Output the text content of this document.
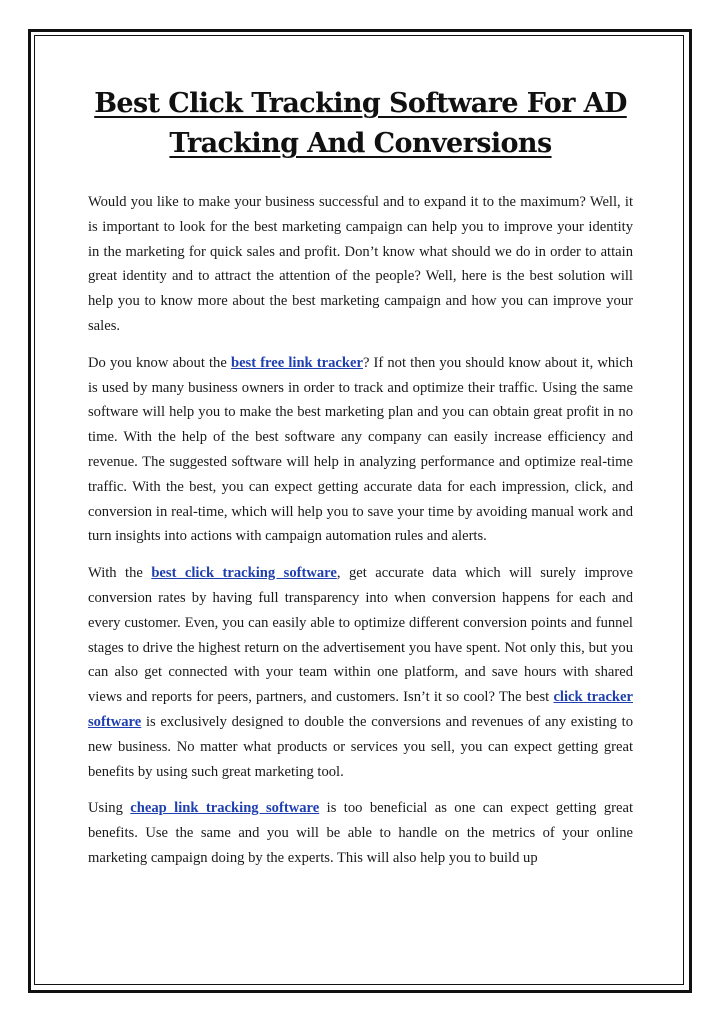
Best Click Tracking Software For AD Tracking And Conversions

Would you like to make your business successful and to expand it to the maximum? Well, it is important to look for the best marketing campaign can help you to improve your identity in the marketing for quick sales and profit. Don’t know what should we do in order to attain great identity and to attract the attention of the people? Well, here is the best solution will help you to know more about the best marketing campaign and how you can improve your sales.

Do you know about the best free link tracker? If not then you should know about it, which is used by many business owners in order to track and optimize their traffic. Using the same software will help you to make the best marketing plan and you can obtain great profit in no time. With the help of the best software any company can easily increase efficiency and revenue. The suggested software will help in analyzing performance and optimize real-time traffic. With the best, you can expect getting accurate data for each impression, click, and conversion in real-time, which will help you to save your time by avoiding manual work and turn insights into actions with campaign automation rules and alerts.

With the best click tracking software, get accurate data which will surely improve conversion rates by having full transparency into when conversion happens for each and every customer. Even, you can easily able to optimize different conversion points and funnel stages to drive the highest return on the advertisement you have spent. Not only this, but you can also get connected with your team within one platform, and save hours with shared views and reports for peers, partners, and customers. Isn’t it so cool? The best click tracker software is exclusively designed to double the conversions and revenues of any existing to new business. No matter what products or services you sell, you can expect getting great benefits by using such great marketing tool.

Using cheap link tracking software is too beneficial as one can expect getting great benefits. Use the same and you will be able to handle on the metrics of your online marketing campaign doing by the experts. This will also help you to build up
